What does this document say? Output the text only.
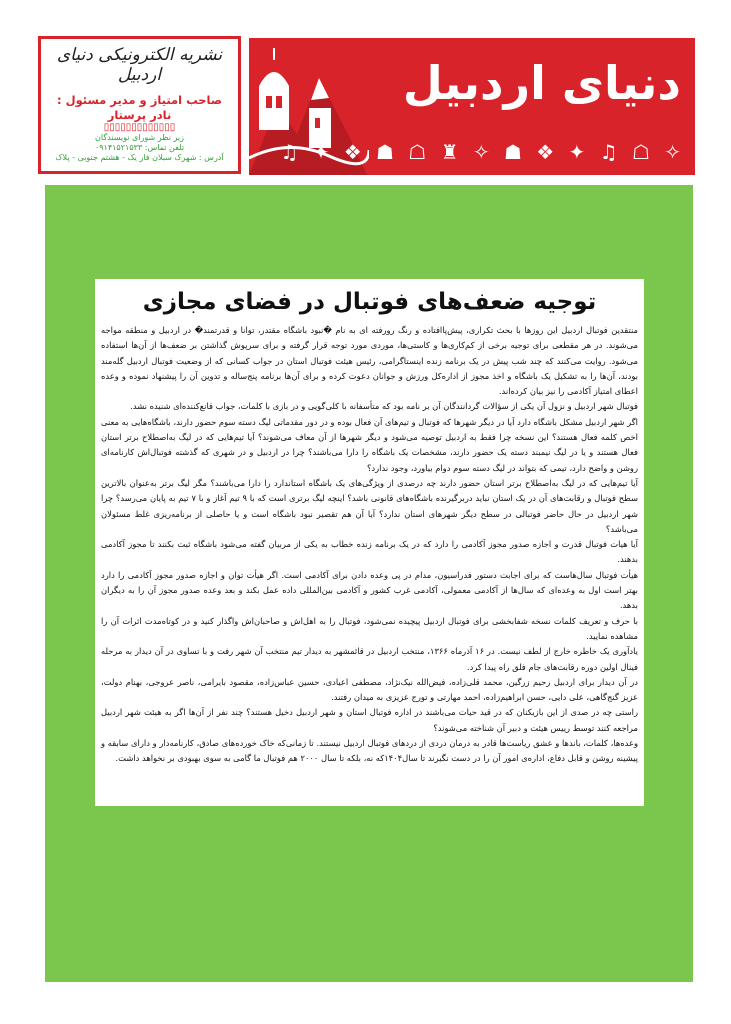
نشریه الکترونیکی دنیای اردبیل
صاحب امتیاز و مدیر مسئول :
نادر پرستار
▯▯▯▯▯▯▯▯▯▯▯▯▯
زیر نظر شورای نویسندگان
تلفن تماس: ۰۹۱۴۱۵۲۱۵۳۳
آدرس : شهرک سبلان فاز یک - هشتم جنوبی - پلاک
دنیای اردبیل
♫ ✦ ❖ ☗ ☖ ♜ ✧ ☗ ❖ ✦ ♫ ☖ ✧
توجیه ضعف‌های فوتبال در فضای مجازی

منتقدین فوتبال اردبیل این روزها با بحث تکراری، پیش‌پاافتاده و رنگ رورفته ای به نام �نبود باشگاه مقتدر، توانا و قدرتمند� در اردبیل و منطقه مواجه می‌شوند. در هر مقطعی برای توجیه برخی از کم‌کاری‌ها و کاستی‌ها، موردی مورد توجه قرار گرفته و برای سرپوش گذاشتن بر ضعف‌ها از آن‌ها استفاده می‌شود. روایت می‌کنند که چند شب پیش در یک برنامه زنده اینستاگرامی، رئیس هیئت فوتبال استان در جواب کسانی که از وضعیت فوتبال اردبیل گله‌مند بودند، آن‌ها را به تشکیل یک باشگاه و اخذ مجوز از اداره‌کل ورزش و جوانان دعوت کرده و برای آن‌ها برنامه پنج‌ساله و تدوین آن را پیشنهاد نموده و وعده اعطای امتیاز آکادمی را نیز بیان کرده‌اند.

فوتبال شهر اردبیل و نزول آن یکی از سؤالات گردانندگان آن بر نامه بود که متأسفانه با کلی‌گویی و در بازی با کلمات، جواب قانع‌کننده‌ای شنیده نشد.

اگر شهر اردبیل مشکل باشگاه دارد آیا در دیگر شهرها که فوتبال و تیم‌های آن فعال بوده و در دور مقدماتی لیگ دسته سوم حضور دارند، باشگاه‌هایی به معنی اخص کلمه فعال هستند؟ این نسخه چرا فقط به اردبیل توصیه می‌شود و دیگر شهرها از آن معاف می‌شوند؟ آیا تیم‌هایی که در لیگ به‌اصطلاح برتر استان فعال هستند و یا در لیگ نیمبند دسته یک حضور دارند، مشخصات یک باشگاه را دارا می‌باشند؟ چرا در اردبیل و در شهری که گذشته فوتبال‌اش کارنامه‌ای روشن و واضح دارد، تیمی که بتواند در لیگ دسته سوم دوام بیاورد، وجود ندارد؟

آیا تیم‌هایی که در لیگ به‌اصطلاح برتر استان حضور دارند چه درصدی از ویژگی‌های یک باشگاه استاندارد را دارا می‌باشند؟ مگر لیگ برتر به‌عنوان بالاترین سطح فوتبال و رقابت‌های آن در یک استان نباید دربرگیرنده باشگاه‌های قانونی باشد؟ اینچه لیگ برتری است که با ۹ تیم آغاز و با ۷ تیم به پایان می‌رسد؟ چرا شهر اردبیل در حال حاضر فوتبالی در سطح دیگر شهرهای استان ندارد؟ آیا آن هم تقصیر نبود باشگاه است و یا حاصلی از برنامه‌ریزی غلط مسئولان می‌باشد؟

آیا هیات فوتبال قدرت و اجازه صدور مجوز آکادمی را دارد که در یک برنامه زنده خطاب به یکی از مربیان گفته می‌شود باشگاه ثبت بکنند تا مجوز آکادمی بدهند.

هیأت فوتبال سال‌هاست که برای اجابت دستور فدراسیون، مدام در پی وعده دادن برای آکادمی است. اگر هیأت توان و اجازه صدور مجوز آکادمی را دارد بهتر است اول به وعده‌ای که سال‌ها از آکادمی معمولی، آکادمی غرب کشور و آکادمی بین‌المللی داده عمل بکند و بعد وعده صدور مجوز آن را به دیگران بدهد.

با حرف و تعریف کلمات نسخه شفابخشی برای فوتبال اردبیل پیچیده نمی‌شود، فوتبال را به اهل‌اش و صاحبان‌اش واگذار کنید و در کوتاه‌مدت اثرات آن را مشاهده نمایید.

یادآوری یک خاطره خارج از لطف نیست. در ۱۶ آذرماه ۱۳۶۶، منتخب اردبیل در قائمشهر به دیدار تیم منتخب آن شهر رفت و با تساوی در آن دیدار به مرحله فینال اولین دوره رقابت‌های جام فلق راه پیدا کرد.

در آن دیدار برای اردبیل رحیم زرگین، محمد قلی‌زاده، فیض‌الله نیک‌نژاد، مصطفی اعیادی، حسین عباس‌زاده، مقصود بایرامی، ناصر عروجی، بهنام دولت، عزیز گنج‌گاهی، علی دایی، حسن ابراهیم‌زاده، احمد مهارتی و تورج عزیزی به میدان رفتند.

راستی چه در صدی از این بازیکنان که در قید حیات می‌باشند در اداره فوتبال استان و شهر اردبیل دخیل هستند؟ چند نفر از آن‌ها اگر به هیئت شهر اردبیل مراجعه کنند توسط رییس هیئت و دبیر آن شناخته می‌شوند؟

وعده‌ها، کلمات، باندها و عشق ریاست‌ها قادر به درمان دردی از دردهای فوتبال اردبیل نیستند. تا زمانی‌که خاک خورده‌های صادق، کارنامه‌دار و دارای سابقه و پیشینه روشن و قابل دفاع، اداره‌ی امور آن را در دست نگیرند تا سال۱۴۰۴که نه، بلکه تا سال ۲۰۰۰ هم فوتبال ما گامی به سوی بهبودی بر نخواهد داشت.
